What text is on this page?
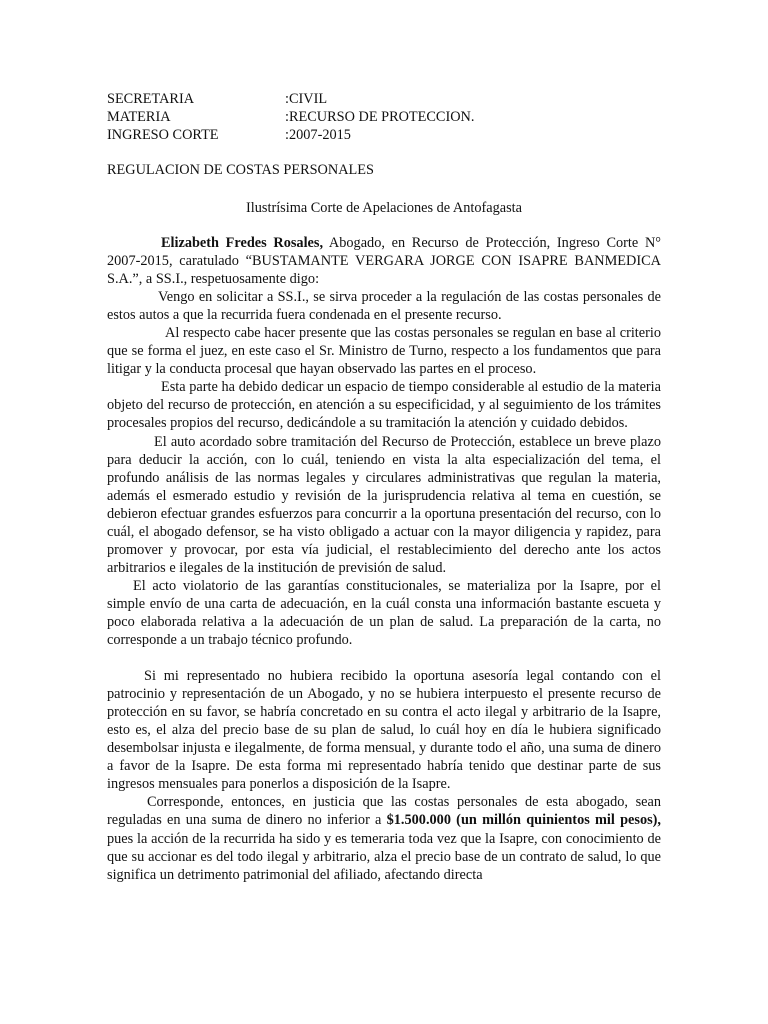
SECRETARIA	:CIVIL
MATERIA	:RECURSO DE PROTECCION.
INGRESO CORTE	:2007-2015
REGULACION DE COSTAS PERSONALES
Ilustrísima Corte de Apelaciones de Antofagasta

Elizabeth Fredes Rosales, Abogado, en Recurso de Protección, Ingreso Corte N° 2007-2015, caratulado “BUSTAMANTE VERGARA JORGE CON ISAPRE BANMEDICA S.A.”, a SS.I., respetuosamente digo:

Vengo en solicitar a SS.I., se sirva proceder a la regulación de las costas personales de estos autos a que la recurrida fuera condenada en el presente recurso.

Al respecto cabe hacer presente que las costas personales se regulan en base al criterio que se forma el juez, en este caso el Sr. Ministro de Turno, respecto a los fundamentos que para litigar y la conducta procesal que hayan observado las partes en el proceso.

Esta parte ha debido dedicar un espacio de tiempo considerable al estudio de la materia objeto del recurso de protección, en atención a su especificidad, y al seguimiento de los trámites procesales propios del recurso, dedicándole a su tramitación la atención y cuidado debidos.

El auto acordado sobre tramitación del Recurso de Protección, establece un breve plazo para deducir la acción, con lo cuál, teniendo en vista la alta especialización del tema, el profundo análisis de las normas legales y circulares administrativas que regulan la materia, además el esmerado estudio y revisión de la jurisprudencia relativa al tema en cuestión, se debieron efectuar grandes esfuerzos para concurrir a la oportuna presentación del recurso, con lo cuál, el abogado defensor, se ha visto obligado a actuar con la mayor diligencia y rapidez, para promover y provocar, por esta vía judicial, el restablecimiento del derecho ante los actos arbitrarios e ilegales de la institución de previsión de salud.

El acto violatorio de las garantías constitucionales, se materializa por la Isapre, por el simple envío de una carta de adecuación, en la cuál consta una información bastante escueta y poco elaborada relativa a la adecuación de un plan de salud. La preparación de la carta, no corresponde a un trabajo técnico profundo.

Si mi representado no hubiera recibido la oportuna asesoría legal contando con el patrocinio y representación de un Abogado, y no se hubiera interpuesto el presente recurso de protección en su favor, se habría concretado en su contra el acto ilegal y arbitrario de la Isapre, esto es, el alza del precio base de su plan de salud, lo cuál hoy en día le hubiera significado desembolsar injusta e ilegalmente, de forma mensual, y durante todo el año, una suma de dinero a favor de la Isapre. De esta forma mi representado habría tenido que destinar parte de sus ingresos mensuales para ponerlos a disposición de la Isapre.

Corresponde, entonces, en justicia que las costas personales de esta abogado, sean reguladas en una suma de dinero no inferior a $1.500.000 (un millón quinientos mil pesos), pues la acción de la recurrida ha sido y es temeraria toda vez que la Isapre, con conocimiento de que su accionar es del todo ilegal y arbitrario, alza el precio base de un contrato de salud, lo que significa un detrimento patrimonial del afiliado, afectando directa
